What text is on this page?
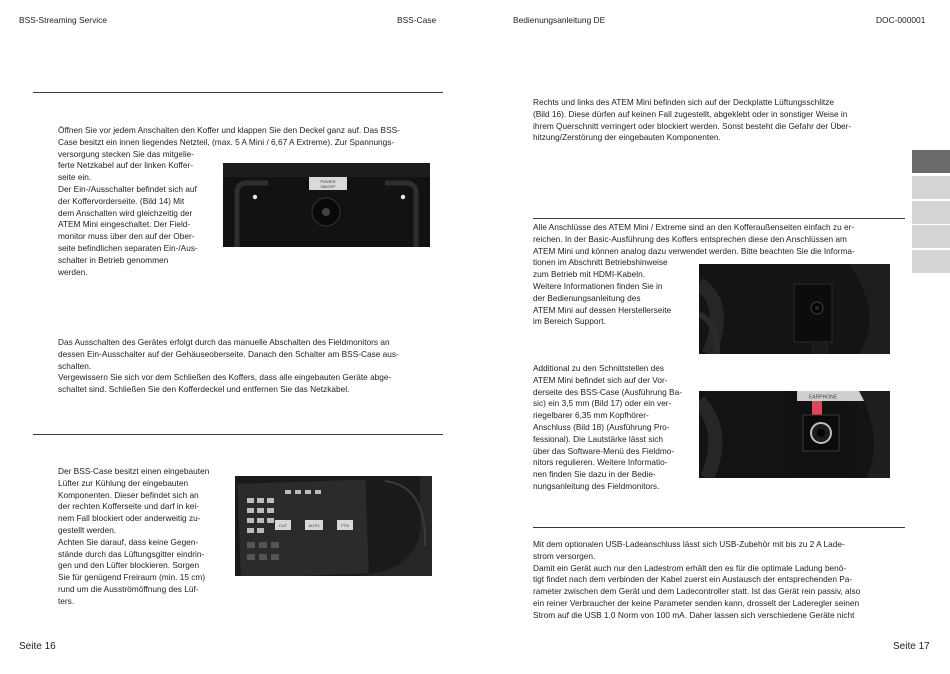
BSS-Streaming Service	BSS-Case	Bedienungsanleitung DE	DOC-000001

Öffnen Sie vor jedem Anschalten den Koffer und klappen Sie den Deckel ganz auf. Das BSS-

Case besitzt ein innen liegendes Netzteil, (max. 5 A Mini / 6,67 A Extreme). Zur Spannungs-

versorgung stecken Sie das mitgelie-

ferte Netzkabel auf der linken Koffer-

seite ein.

Der Ein-/Ausschalter befindet sich auf

der Koffervorderseite. (Bild 14) Mit

dem Anschalten wird gleichzeitig der

ATEM Mini eingeschaltet. Der Field-

monitor muss über den auf der Ober-

seite befindlichen separaten Ein-/Aus-

schalter in Betrieb genommen

werden.

Das Ausschalten des Gerätes erfolgt durch das manuelle Abschalten des Fieldmonitors an

dessen Ein-Ausschalter auf der Gehäuseoberseite. Danach den Schalter am BSS-Case aus-

schalten.

Vergewissern Sie sich vor dem Schließen des Koffers, dass alle eingebauten Geräte abge-

schaltet sind. Schließen Sie den Kofferdeckel und entfernen Sie das Netzkabel.

Der BSS-Case besitzt einen eingebauten

Lüfter zur Kühlung der eingebauten

Komponenten. Dieser befindet sich an

der rechten Kofferseite und darf in kei-

nem Fall blockiert oder anderweitig zu-

gestellt werden.

Achten Sie darauf, dass keine Gegen-

stände durch das Lüftungsgitter eindrin-

gen und den Lüfter blockieren. Sorgen

Sie für genügend Freiraum (min. 15 cm)

rund um die Ausströmöffnung des Lüf-

ters.

POWER
ON/OFF
CUT	AUTO	FTB
Seite 16

Rechts und links des ATEM Mini befinden sich auf der Deckplatte Lüftungsschlitze

(Bild 16). Diese dürfen auf keinen Fall zugestellt, abgeklebt oder in sonstiger Weise in

ihrem Querschnitt verringert oder blockiert werden. Sonst besteht die Gefahr der Über-

hitzung/Zerstörung der eingebauten Komponenten.

Alle Anschlüsse des ATEM Mini / Extreme sind an den Kofferaußenseiten einfach zu er-

reichen. In der Basic-Ausführung des Koffers entsprechen diese den Anschlüssen am

ATEM Mini und können analog dazu verwendet werden. Bitte beachten Sie die Informa-

tionen im Abschnitt Betriebshinweise

zum Betrieb mit HDMI-Kabeln.

Weitere Informationen finden Sie in

der Bedienungsanleitung des

ATEM Mini auf dessen Herstellerseite

im Bereich Support.

Additional zu den Schnittstellen des

ATEM Mini befindet sich auf der Vor-

derseite des BSS-Case (Ausführung Ba-

sic) ein 3,5 mm (Bild 17) oder ein ver-

riegelbarer 6,35 mm Kopfhörer-

Anschluss (Bild 18) (Ausführung Pro-

fessional). Die Lautstärke lässt sich

über das Software-Menü des Fieldmo-

nitors regulieren. Weitere Informatio-

nen finden Sie dazu in der Bedie-

nungsanleitung des Fieldmonitors.

Mit dem optionalen USB-Ladeanschluss lässt sich USB-Zubehör mit bis zu 2 A Lade-

strom versorgen.

Damit ein Gerät auch nur den Ladestrom erhält den es für die optimale Ladung benö-

tigt findet nach dem verbinden der Kabel zuerst ein Austausch der entsprechenden Pa-

rameter zwischen dem Gerät und dem Ladecontroller statt. Ist das Gerät rein passiv, also

ein reiner Verbraucher der keine Parameter senden kann, drosselt der Laderegler seinen

Strom auf die USB 1.0 Norm von 100 mA. Daher lassen sich verschiedene Geräte nicht

EARPHONE
Seite 17
